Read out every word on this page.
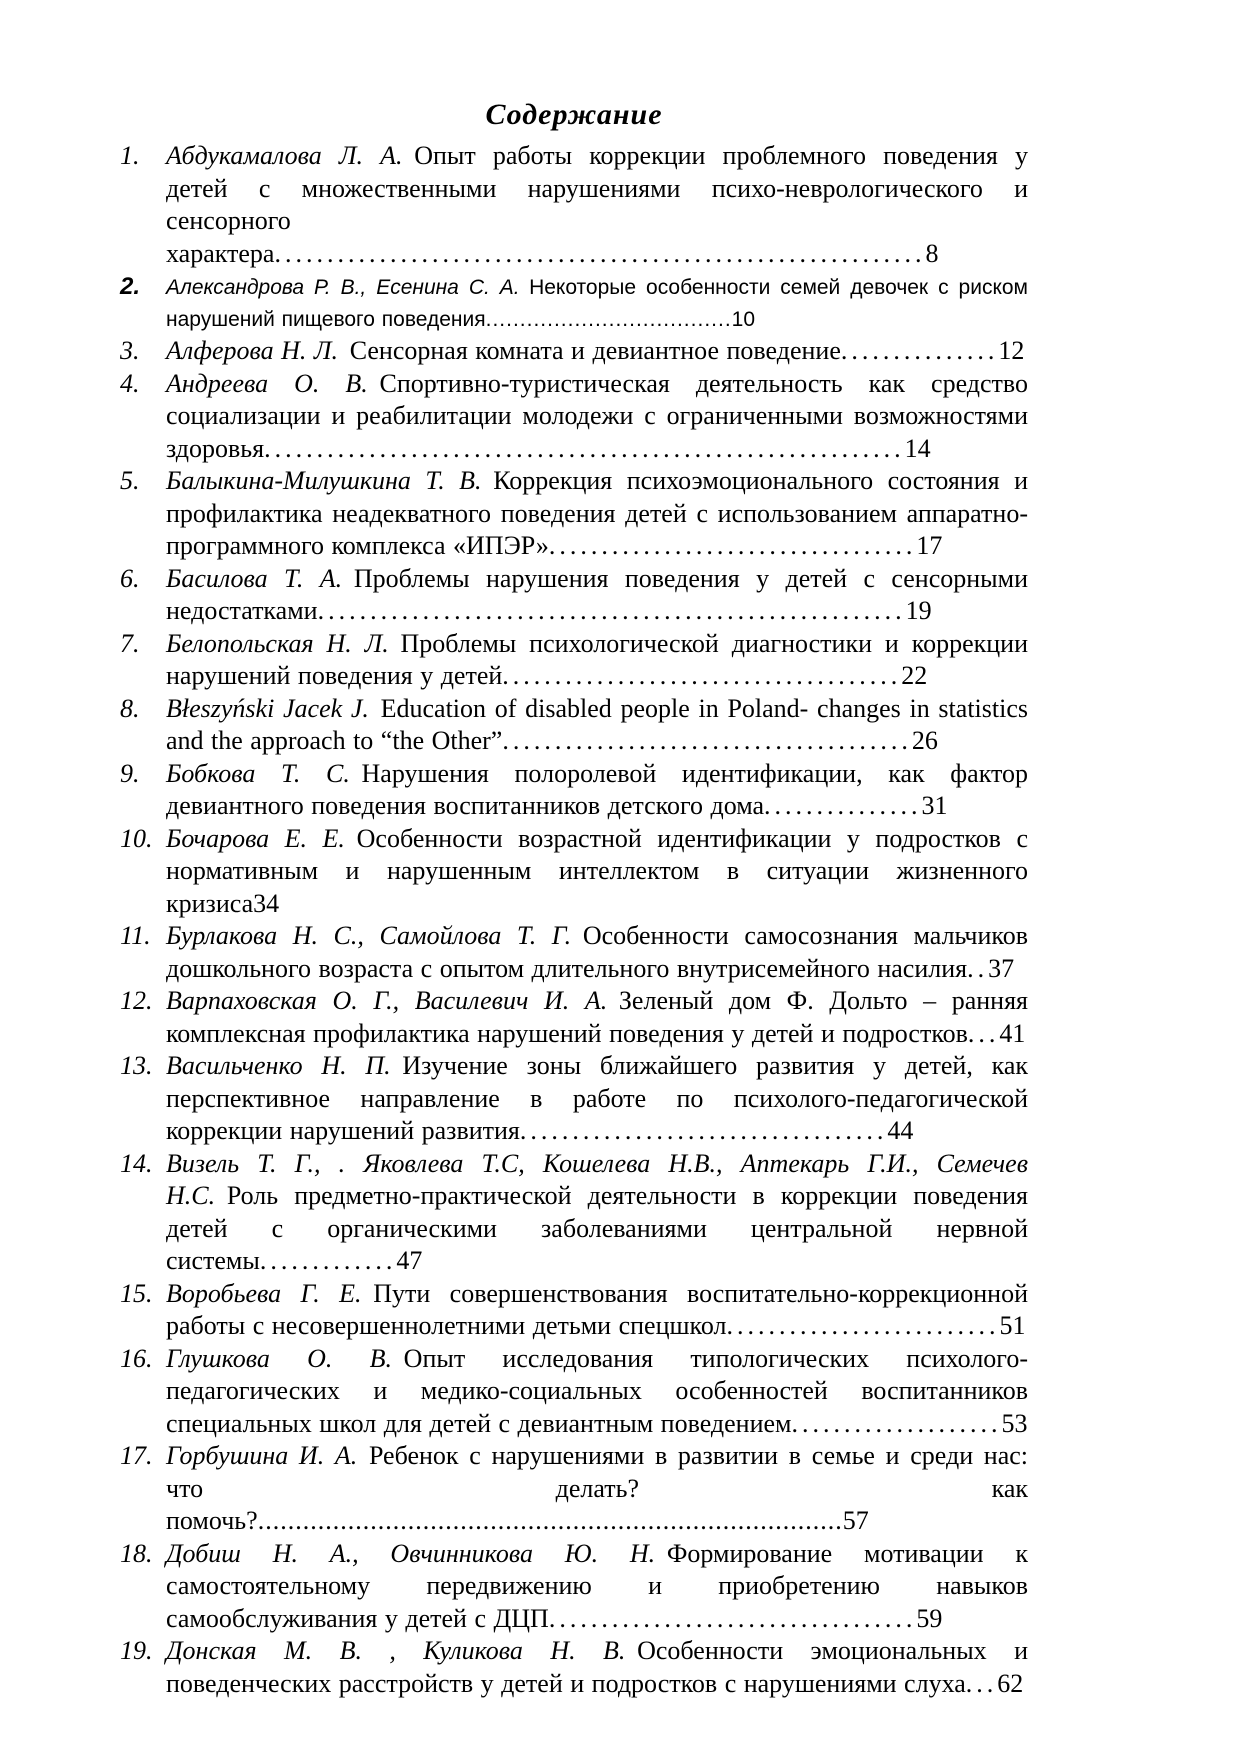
Содержание

1. Абдукамалова Л. А. Опыт работы коррекции проблемного поведения у детей с множественными нарушениями психо-неврологического и сенсорного характера..............................................................8

2. Александрова Р. В., Есенина С. А. Некоторые особенности семей девочек с риском нарушений пищевого поведения....................................10

3. Алферова Н. Л. Сенсорная комната и девиантное поведение...............12

4. Андреева О. В. Спортивно-туристическая деятельность как средство социализации и реабилитации молодежи с ограниченными возможностями здоровья.............................................................14

5. Балыкина-Милушкина Т. В. Коррекция психоэмоционального состояния и профилактика неадекватного поведения детей с использованием аппаратно-программного комплекса «ИПЭР»...................................17

6. Басилова Т. А. Проблемы нарушения поведения у детей с сенсорными недостатками........................................................19

7. Белопольская Н. Л. Проблемы психологической диагностики и коррекции нарушений поведения у детей......................................22

8. Błeszyński Jacek J. Education of disabled people in Poland- changes in statistics and the approach to “the Other”.......................................26

9. Бобкова Т. С. Нарушения полоролевой идентификации, как фактор девиантного поведения воспитанников детского дома...............31

10. Бочарова Е. Е. Особенности возрастной идентификации у подростков с нормативным и нарушенным интеллектом в ситуации жизненного кризиса34

11. Бурлакова Н. С., Самойлова Т. Г. Особенности самосознания мальчиков дошкольного возраста с опытом длительного внутрисемейного насилия..37

12. Варпаховская О. Г., Василевич И. А. Зеленый дом Ф. Дольто – ранняя комплексная профилактика нарушений поведения у детей и подростков...41

13. Васильченко Н. П. Изучение зоны ближайшего развития у детей, как перспективное направление в работе по психолого-педагогической коррекции нарушений развития...................................44

14. Визель Т. Г., . Яковлева Т.С, Кошелева Н.В., Аптекарь Г.И., Семечев Н.С. Роль предметно-практической деятельности в коррекции поведения детей с органическими заболеваниями центральной нервной системы.............47

15. Воробьева Г. Е. Пути совершенствования воспитательно-коррекционной работы с несовершеннолетними детьми спецшкол..........................51

16. Глушкова О. В. Опыт исследования типологических психолого-педагогических и медико-социальных особенностей воспитанников специальных школ для детей с девиантным поведением....................53

17. Горбушина И. А. Ребенок с нарушениями в развитии в семье и среди нас: что делать? как помочь?..............................................................................57

18. Добиш Н. А., Овчинникова Ю. Н. Формирование мотивации к самостоятельному передвижению и приобретению навыков самообслуживания у детей с ДЦП...................................59

19. Донская М. В. , Куликова Н. В. Особенности эмоциональных и поведенческих расстройств у детей и подростков с нарушениями слуха...62
